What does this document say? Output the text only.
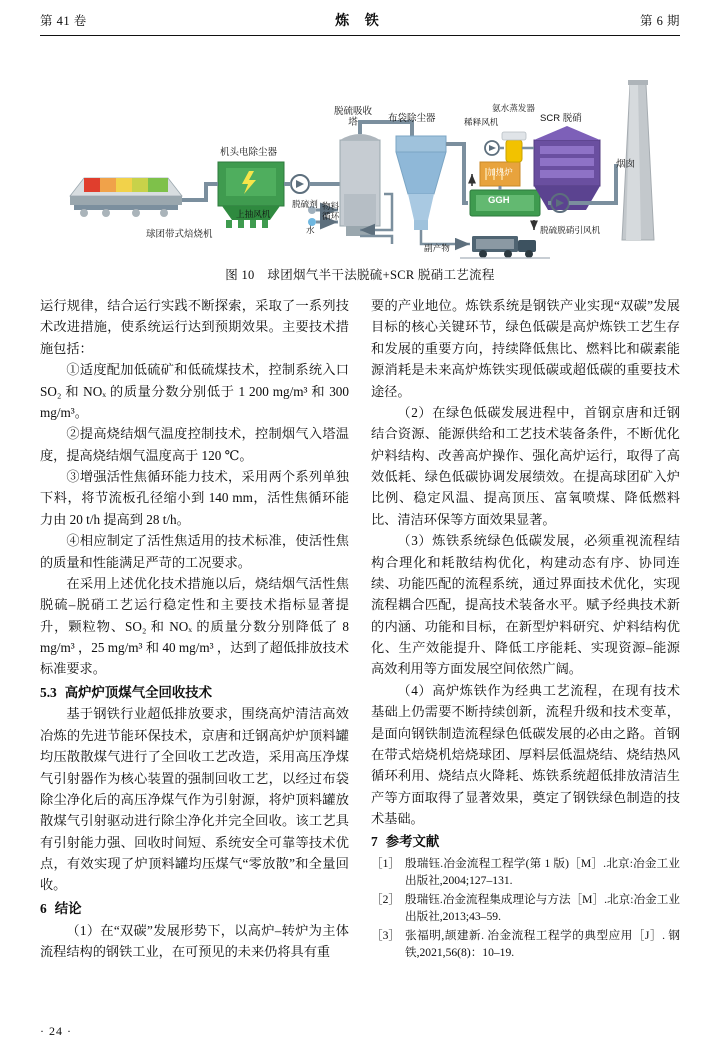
第 41 卷	炼 铁	第 6 期
机头电除尘器
球团带式焙烧机
脱硫吸收塔	布袋除尘器	稀释风机
氨水蒸发器
SCR 脱硝
加热炉
GGH
烟囱
脱硫剂
水
物料循环
上抽风机
副产物
脱硫脱硝引风机
图 10　球团烟气半干法脱硫+SCR 脱硝工艺流程

运行规律，结合运行实践不断探索，采取了一系列技术改进措施，使系统运行达到预期效果。主要技术措施包括：

①适度配加低硫矿和低硫煤技术，控制系统入口 SO₂ 和 NOₓ 的质量分数分别低于 1 200 mg/m³ 和 300 mg/m³。

②提高烧结烟气温度控制技术，控制烟气入塔温度，提高烧结烟气温度高于 120 ℃。

③增强活性焦循环能力技术，采用两个系列单独下料，将节流板孔径缩小到 140 mm，活性焦循环能力由 20 t/h 提高到 28 t/h。

④相应制定了活性焦适用的技术标准，使活性焦的质量和性能满足严苛的工况要求。

在采用上述优化技术措施以后，烧结烟气活性焦脱硫–脱硝工艺运行稳定性和主要技术指标显著提升，颗粒物、SO₂ 和 NOₓ 的质量分数分别降低了 8 mg/m³ ，25 mg/m³ 和 40 mg/m³ ，达到了超低排放技术标准要求。

5.3 高炉炉顶煤气全回收技术

基于钢铁行业超低排放要求，围绕高炉清洁高效冶炼的先进节能环保技术，京唐和迁钢高炉炉顶料罐均压散散煤气进行了全回收工艺改造，采用高压净煤气引射器作为核心装置的强制回收工艺，以经过布袋除尘净化后的高压净煤气作为引射源，将炉顶料罐放散煤气引射驱动进行除尘净化并完全回收。该工艺具有引射能力强、回收时间短、系统安全可靠等技术优点，有效实现了炉顶料罐均压煤气“零放散”和全量回收。

6 结论

（1）在“双碳”发展形势下，以高炉–转炉为主体流程结构的钢铁工业，在可预见的未来仍将具有重

要的产业地位。炼铁系统是钢铁产业实现“双碳”发展目标的核心关键环节，绿色低碳是高炉炼铁工艺生存和发展的重要方向，持续降低焦比、燃料比和碳素能源消耗是未来高炉炼铁实现低碳或超低碳的重要技术途径。

（2）在绿色低碳发展进程中，首钢京唐和迁钢结合资源、能源供给和工艺技术装备条件，不断优化炉料结构、改善高炉操作、强化高炉运行，取得了高效低耗、绿色低碳协调发展绩效。在提高球团矿入炉比例、稳定风温、提高顶压、富氧喷煤、降低燃料比、清洁环保等方面效果显著。

（3）炼铁系统绿色低碳发展，必须重视流程结构合理化和耗散结构优化，构建动态有序、协同连续、功能匹配的流程系统，通过界面技术优化，实现流程耦合匹配，提高技术装备水平。赋予经典技术新的内涵、功能和目标，在新型炉料研究、炉料结构优化、生产效能提升、降低工序能耗、实现资源–能源高效利用等方面发展空间依然广阔。

（4）高炉炼铁作为经典工艺流程，在现有技术基础上仍需要不断持续创新，流程升级和技术变革，是面向钢铁制造流程绿色低碳发展的必由之路。首钢在带式焙烧机焙烧球团、厚料层低温烧结、烧结热风循环利用、烧结点火降耗、炼铁系统超低排放清洁生产等方面取得了显著效果，奠定了钢铁绿色制造的技术基础。

7 参考文献

［1］ 殷瑞钰.冶金流程工程学(第 1 版)［M］.北京:冶金工业出版社,2004;127–131.
［2］ 殷瑞钰.冶金流程集成理论与方法［M］.北京:冶金工业出版社,2013;43–59.
［3］ 张福明,颉建新. 冶金流程工程学的典型应用［J］. 钢铁,2021,56(8)：10–19.
· 24 ·
